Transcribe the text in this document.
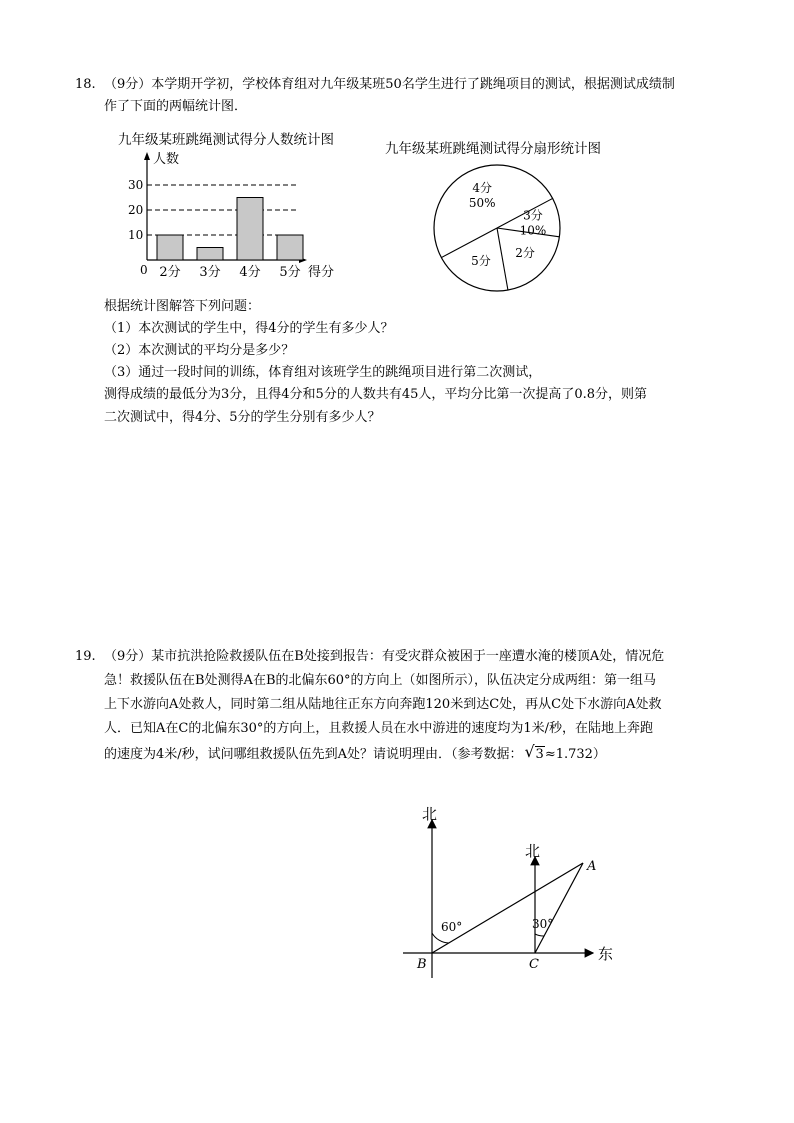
18. （9分）本学期开学初，学校体育组对九年级某班50名学生进行了跳绳项目的测试，根据测试成绩制
作了下面的两幅统计图．
九年级某班跳绳测试得分人数统计图
人数
得分
0
10
20
30
2分 3分 4分 5分
九年级某班跳绳测试得分扇形统计图
4分
50%
3分
10%
2分
5分
根据统计图解答下列问题：
（1）本次测试的学生中，得4分的学生有多少人？
（2）本次测试的平均分是多少？
（3）通过一段时间的训练，体育组对该班学生的跳绳项目进行第二次测试，
测得成绩的最低分为3分，且得4分和5分的人数共有45人，平均分比第一次提高了0.8分，则第
二次测试中，得4分、5分的学生分别有多少人？
19. （9分）某市抗洪抢险救援队伍在B处接到报告：有受灾群众被困于一座遭水淹的楼顶A处，情况危
急！救援队伍在B处测得A在B的北偏东60°的方向上（如图所示），队伍决定分成两组：第一组马
上下水游向A处救人，同时第二组从陆地往正东方向奔跑120米到达C处，再从C处下水游向A处救
人．已知A在C的北偏东30°的方向上，且救援人员在水中游进的速度均为1米/秒，在陆地上奔跑
的速度为4米/秒，试问哪组救援队伍先到A处？请说明理由．（参考数据： √ 3≈1.732）
北
北
东
A
B	C
60°	30°
